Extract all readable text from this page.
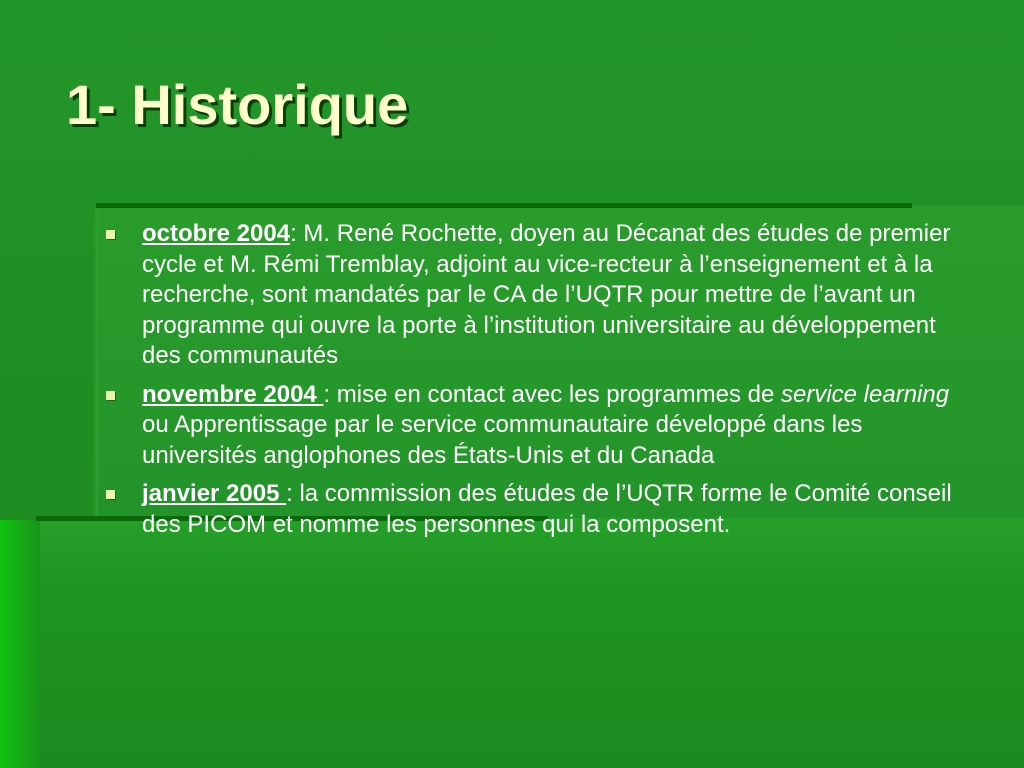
1- Historique
octobre 2004: M. René Rochette, doyen au Décanat des études de premier cycle et M. Rémi Tremblay, adjoint au vice-recteur à l’enseignement et à la recherche, sont mandatés par le CA de l’UQTR pour mettre de l’avant un programme qui ouvre la porte à l’institution universitaire au développement des communautés
novembre 2004 : mise en contact avec les programmes de service learning ou Apprentissage par le service communautaire développé dans les universités anglophones des États-Unis et du Canada
janvier 2005 : la commission des études de l’UQTR forme le Comité conseil des PICOM et nomme les personnes qui la composent.
